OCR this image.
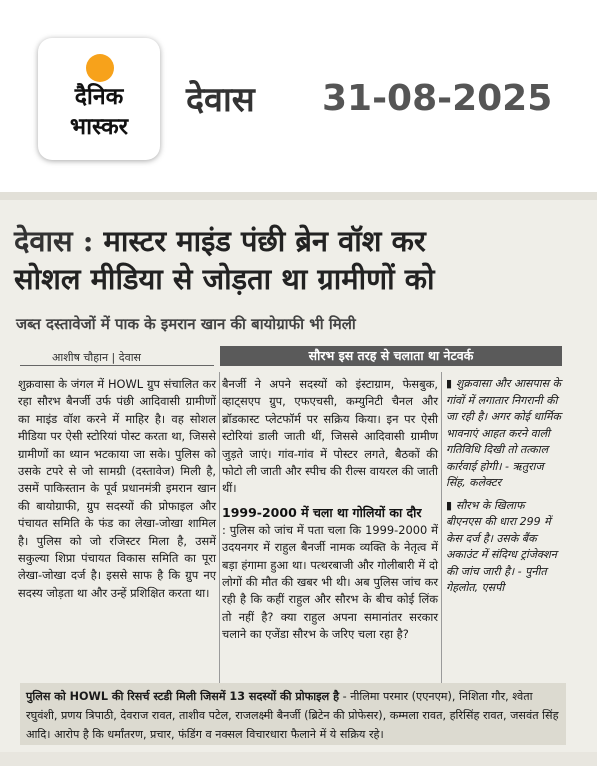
दैनिक
भास्कर
देवास 31-08-2025
देवास : मास्टर माइंड पंछी ब्रेन वॉश कर
सोशल मीडिया से जोड़ता था ग्रामीणों को
जब्त दस्तावेजों में पाक के इमरान खान की बायोग्राफी भी मिली
आशीष चौहान | देवास	सौरभ इस तरह से चलाता था नेटवर्क
शुक्रवासा के जंगल में HOWL ग्रुप संचालित कर रहा सौरभ बैनर्जी उर्फ पंछी आदिवासी ग्रामीणों का माइंड वॉश करने में माहिर है। वह सोशल मीडिया पर ऐसी स्टोरियां पोस्ट करता था, जिससे ग्रामीणों का ध्यान भटकाया जा सके। पुलिस को उसके टपरे से जो सामग्री (दस्तावेज) मिली है, उसमें पाकिस्तान के पूर्व प्रधानमंत्री इमरान खान की बायोग्राफी, ग्रुप सदस्यों की प्रोफाइल और पंचायत समिति के फंड का लेखा-जोखा शामिल है। पुलिस को जो रजिस्टर मिला है, उसमें सकुल्या शिप्रा पंचायत विकास समिति का पूरा लेखा-जोखा दर्ज है। इससे साफ है कि ग्रुप नए सदस्य जोड़ता था और उन्हें प्रशिक्षित करता था।

बैनर्जी ने अपने सदस्यों को इंस्टाग्राम, फेसबुक, व्हाट्सएप ग्रुप, एफएचसी, कम्युनिटी चैनल और ब्रॉडकास्ट प्लेटफॉर्म पर सक्रिय किया। इन पर ऐसी स्टोरियां डाली जाती थीं, जिससे आदिवासी ग्रामीण जुड़ते जाएं। गांव-गांव में पोस्टर लगते, बैठकों की फोटो ली जाती और स्पीच की रील्स वायरल की जाती थीं।

1999-2000 में चला था गोलियों का दौर

: पुलिस को जांच में पता चला कि 1999-2000 में उदयनगर में राहुल बैनर्जी नामक व्यक्ति के नेतृत्व में बड़ा हंगामा हुआ था। पत्थरबाजी और गोलीबारी में दो लोगों की मौत की खबर भी थी। अब पुलिस जांच कर रही है कि कहीं राहुल और सौरभ के बीच कोई लिंक तो नहीं है? क्या राहुल अपना समानांतर सरकार चलाने का एजेंडा सौरभ के जरिए चला रहा है?

▮ शुक्रवासा और आसपास के गांवों में लगातार निगरानी की जा रही है। अगर कोई धार्मिक भावनाएं आहत करने वाली गतिविधि दिखी तो तत्काल कार्रवाई होगी। - ऋतुराज सिंह, कलेक्टर

▮ सौरभ के खिलाफ बीएनएस की धारा 299 में केस दर्ज है। उसके बैंक अकाउंट में संदिग्ध ट्रांजेक्शन की जांच जारी है। - पुनीत गेहलोत, एसपी

पुलिस को HOWL की रिसर्च स्टडी मिली जिसमें 13 सदस्यों की प्रोफाइल है - नीलिमा परमार (एएनएम), निशिता गौर, श्वेता रघुवंशी, प्रणय त्रिपाठी, देवराज रावत, ताशीव पटेल, राजलक्ष्मी बैनर्जी (ब्रिटेन की प्रोफेसर), कम्मला रावत, हरिसिंह रावत, जसवंत सिंह आदि। आरोप है कि धर्मांतरण, प्रचार, फंडिंग व नक्सल विचारधारा फैलाने में ये सक्रिय रहे।
